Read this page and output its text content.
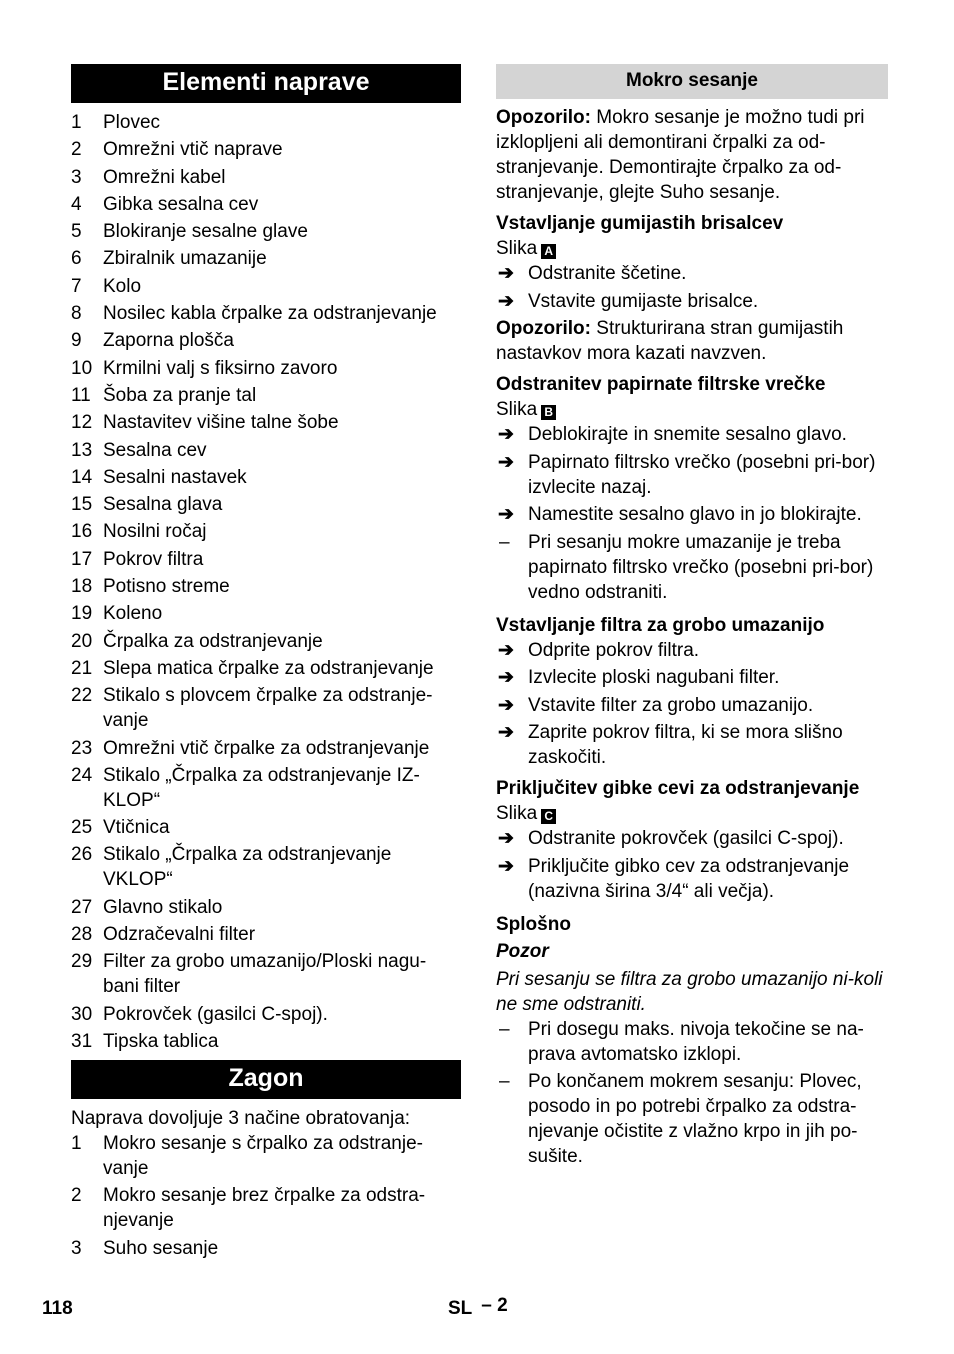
Elementi naprave
1 Plovec
2 Omrežni vtič naprave
3 Omrežni kabel
4 Gibka sesalna cev
5 Blokiranje sesalne glave
6 Zbiralnik umazanije
7 Kolo
8 Nosilec kabla črpalke za odstranjevanje
9 Zaporna plošča
10 Krmilni valj s fiksirno zavoro
11 Šoba za pranje tal
12 Nastavitev višine talne šobe
13 Sesalna cev
14 Sesalni nastavek
15 Sesalna glava
16 Nosilni ročaj
17 Pokrov filtra
18 Potisno streme
19 Koleno
20 Črpalka za odstranjevanje
21 Slepa matica črpalke za odstranjevanje
22 Stikalo s plovcem črpalke za odstranje-vanje
23 Omrežni vtič črpalke za odstranjevanje
24 Stikalo „Črpalka za odstranjevanje IZ-KLOP“
25 Vtičnica
26 Stikalo „Črpalka za odstranjevanje VKLOP“
27 Glavno stikalo
28 Odzračevalni filter
29 Filter za grobo umazanijo/Ploski nagu-bani filter
30 Pokrovček (gasilci C-spoj).
31 Tipska tablica
Zagon

Naprava dovoljuje 3 načine obratovanja:

1 Mokro sesanje s črpalko za odstranje-vanje
2 Mokro sesanje brez črpalke za odstra-njevanje
3 Suho sesanje
Mokro sesanje

Opozorilo: Mokro sesanje je možno tudi pri izklopljeni ali demontirani črpalki za od-stranjevanje. Demontirajte črpalko za od-stranjevanje, glejte Suho sesanje.

Vstavljanje gumijastih brisalcev

Slika A

➔ Odstranite ščetine.
➔ Vstavite gumijaste brisalce.

Opozorilo: Strukturirana stran gumijastih nastavkov mora kazati navzven.

Odstranitev papirnate filtrske vrečke

Slika B

➔ Deblokirajte in snemite sesalno glavo.
➔ Papirnato filtrsko vrečko (posebni pri-bor) izvlecite nazaj.
➔ Namestite sesalno glavo in jo blokirajte.
– Pri sesanju mokre umazanije je treba papirnato filtrsko vrečko (posebni pri-bor) vedno odstraniti.

Vstavljanje filtra za grobo umazanijo

➔ Odprite pokrov filtra.
➔ Izvlecite ploski nagubani filter.
➔ Vstavite filter za grobo umazanijo.
➔ Zaprite pokrov filtra, ki se mora slišno zaskočiti.

Priključitev gibke cevi za odstranjevanje

Slika C

➔ Odstranite pokrovček (gasilci C-spoj).
➔ Priključite gibko cev za odstranjevanje (nazivna širina 3/4“ ali večja).

Splošno

Pozor

Pri sesanju se filtra za grobo umazanijo ni-koli ne sme odstraniti.

– Pri dosegu maks. nivoja tekočine se na-prava avtomatsko izklopi.
– Po končanem mokrem sesanju: Plovec, posodo in po potrebi črpalko za odstra-njevanje očistite z vlažno krpo in jih po-sušite.
118	SL – 2
